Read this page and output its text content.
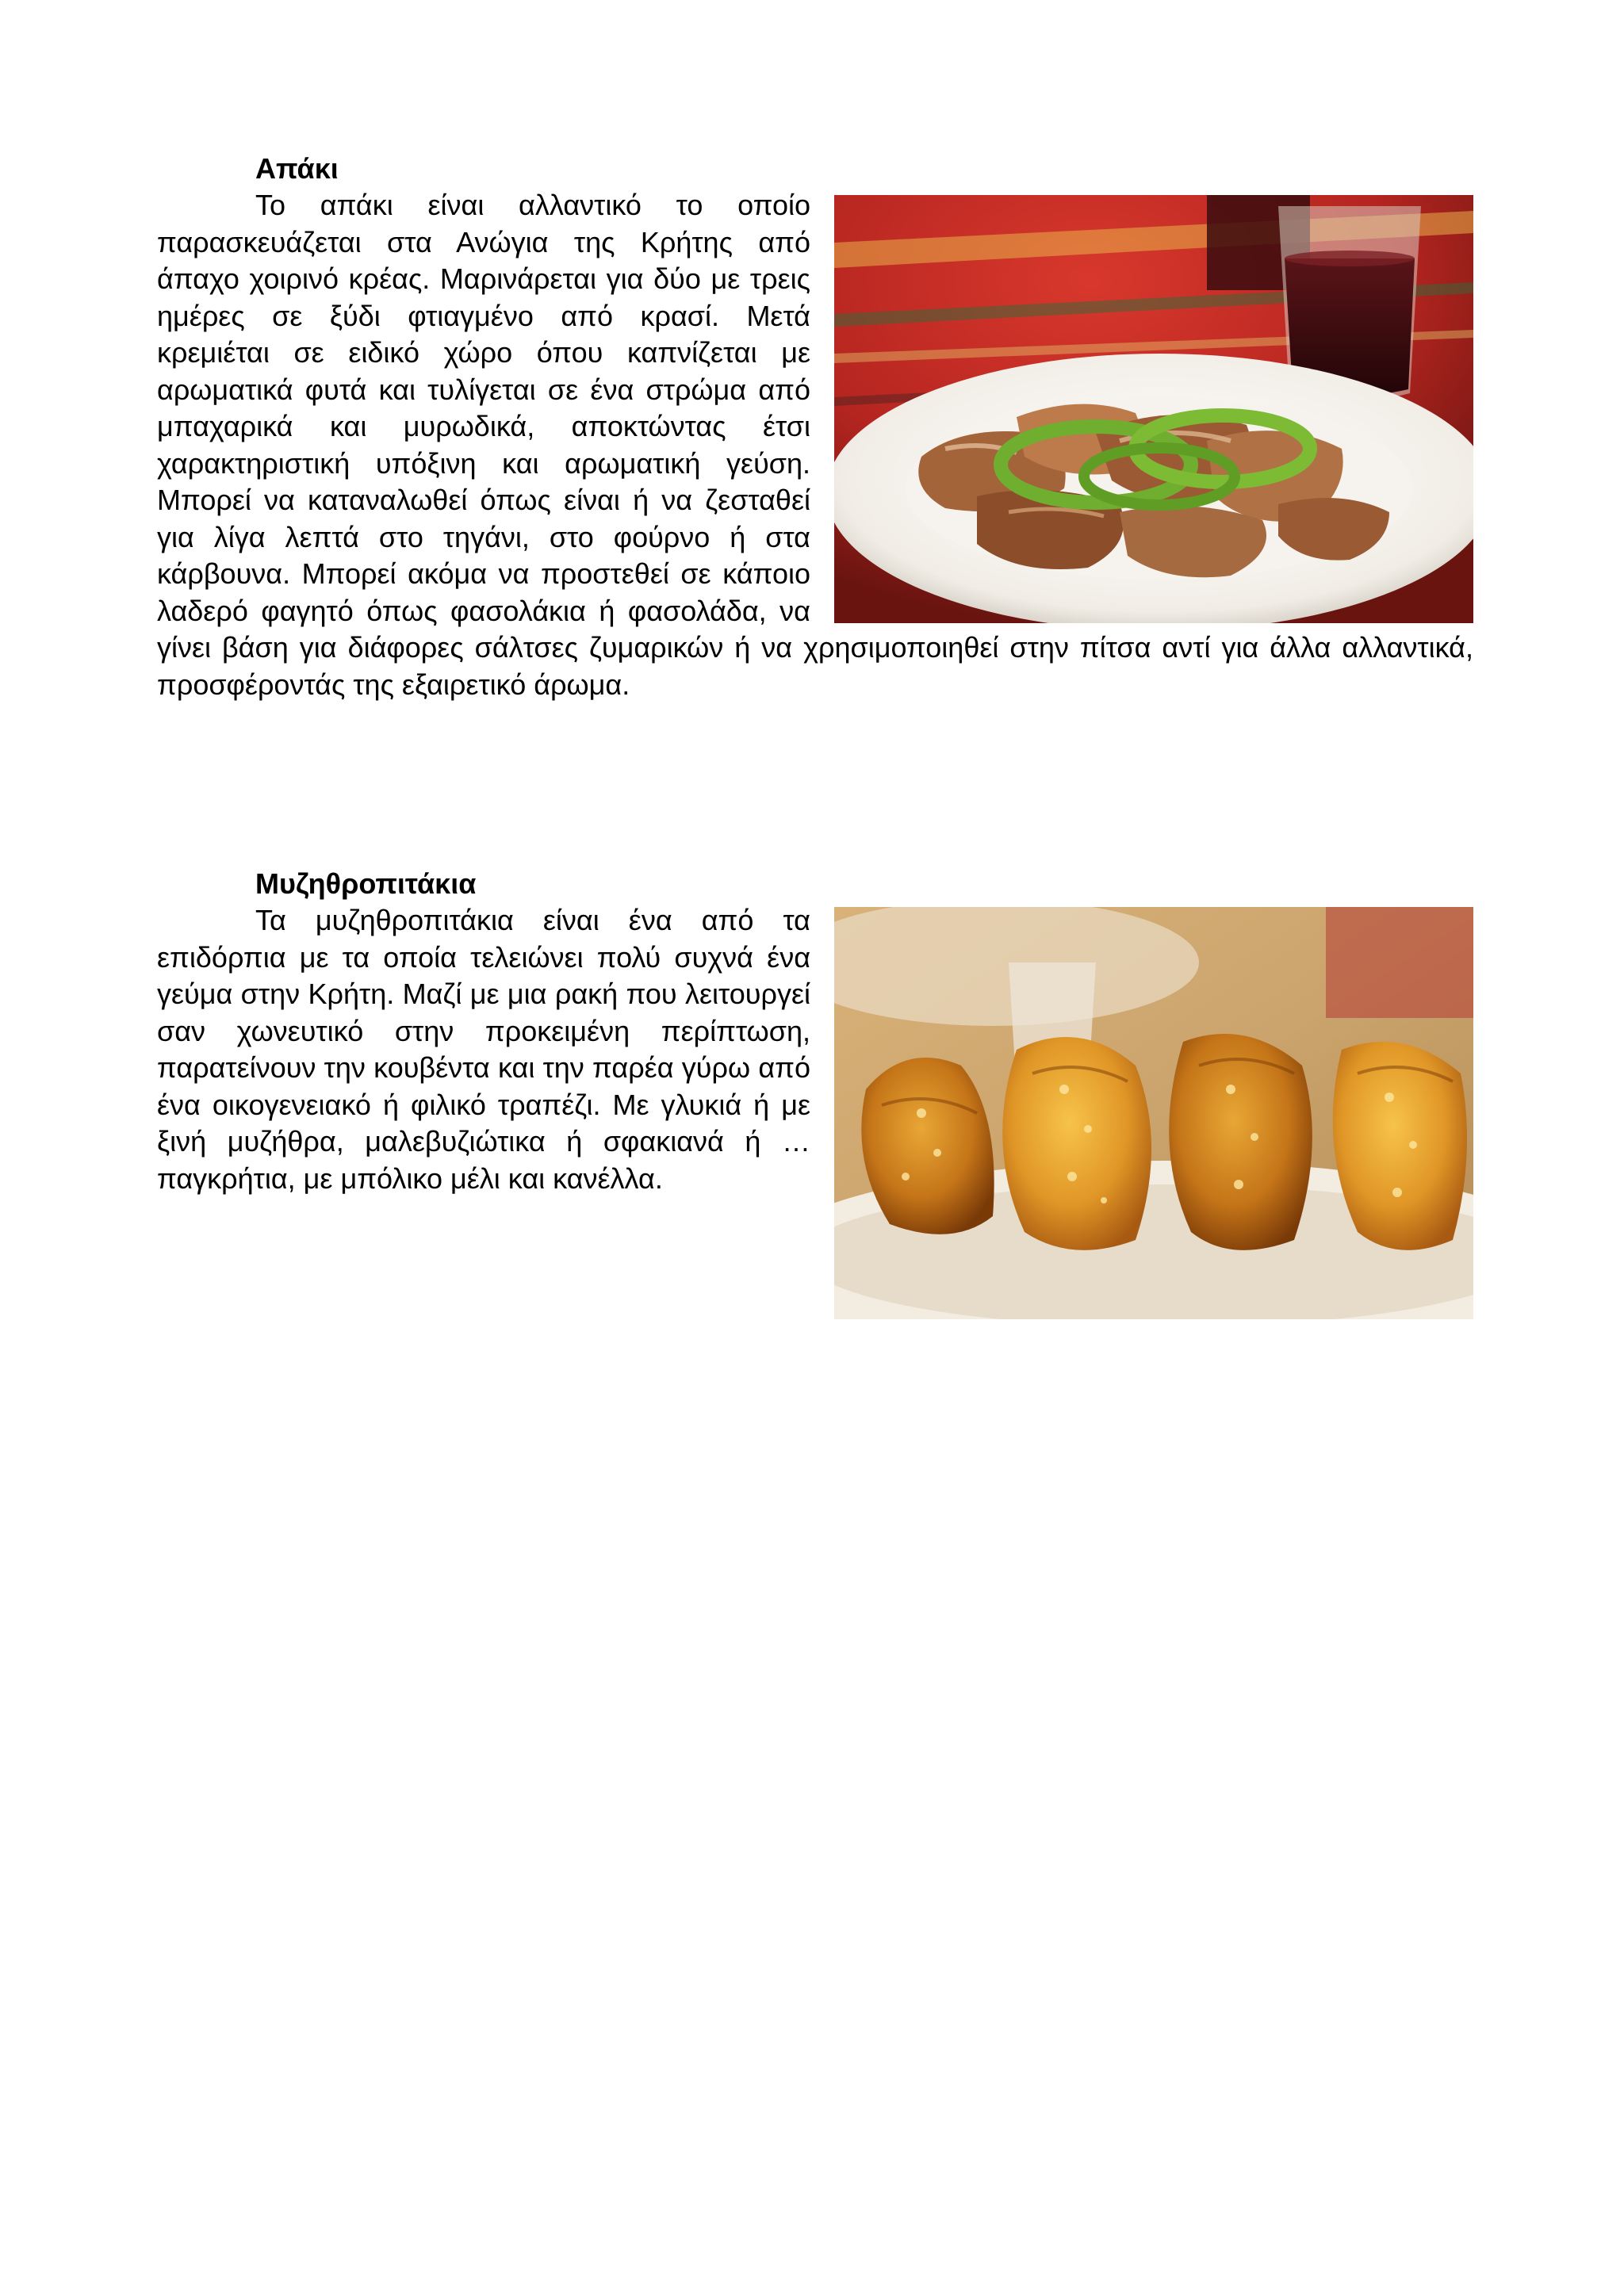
Απάκι

Το απάκι είναι αλλαντικό το οποίο παρασκευάζεται στα Ανώγια της Κρήτης από άπαχο χοιρινό κρέας. Μαρινάρεται για δύο με τρεις ημέρες σε ξύδι φτιαγμένο από κρασί. Μετά κρεμιέται σε ειδικό χώρο όπου καπνίζεται με αρωματικά φυτά και τυλίγεται σε ένα στρώμα από μπαχαρικά και μυρωδικά, αποκτώντας έτσι χαρακτηριστική υπόξινη και αρωματική γεύση. Μπορεί να καταναλωθεί όπως είναι ή να ζεσταθεί για λίγα λεπτά στο τηγάνι, στο φούρνο ή στα κάρβουνα. Μπορεί ακόμα να προστεθεί σε κάποιο λαδερό φαγητό όπως φασολάκια ή φασολάδα, να γίνει βάση για διάφορες σάλτσες ζυμαρικών ή να χρησιμοποιηθεί στην πίτσα αντί για άλλα αλλαντικά, προσφέροντάς της εξαιρετικό άρωμα.

Μυζηθροπιτάκια

Τα μυζηθροπιτάκια είναι ένα από τα επιδόρπια με τα οποία τελειώνει πολύ συχνά ένα γεύμα στην Κρήτη. Μαζί με μια ρακή που λειτουργεί σαν χωνευτικό στην προκειμένη περίπτωση, παρατείνουν την κουβέντα και την παρέα γύρω από ένα οικογενειακό ή φιλικό τραπέζι. Με γλυκιά ή με ξινή μυζήθρα, μαλεβυζιώτικα ή σφακιανά ή …παγκρήτια, με μπόλικο μέλι και κανέλλα.
